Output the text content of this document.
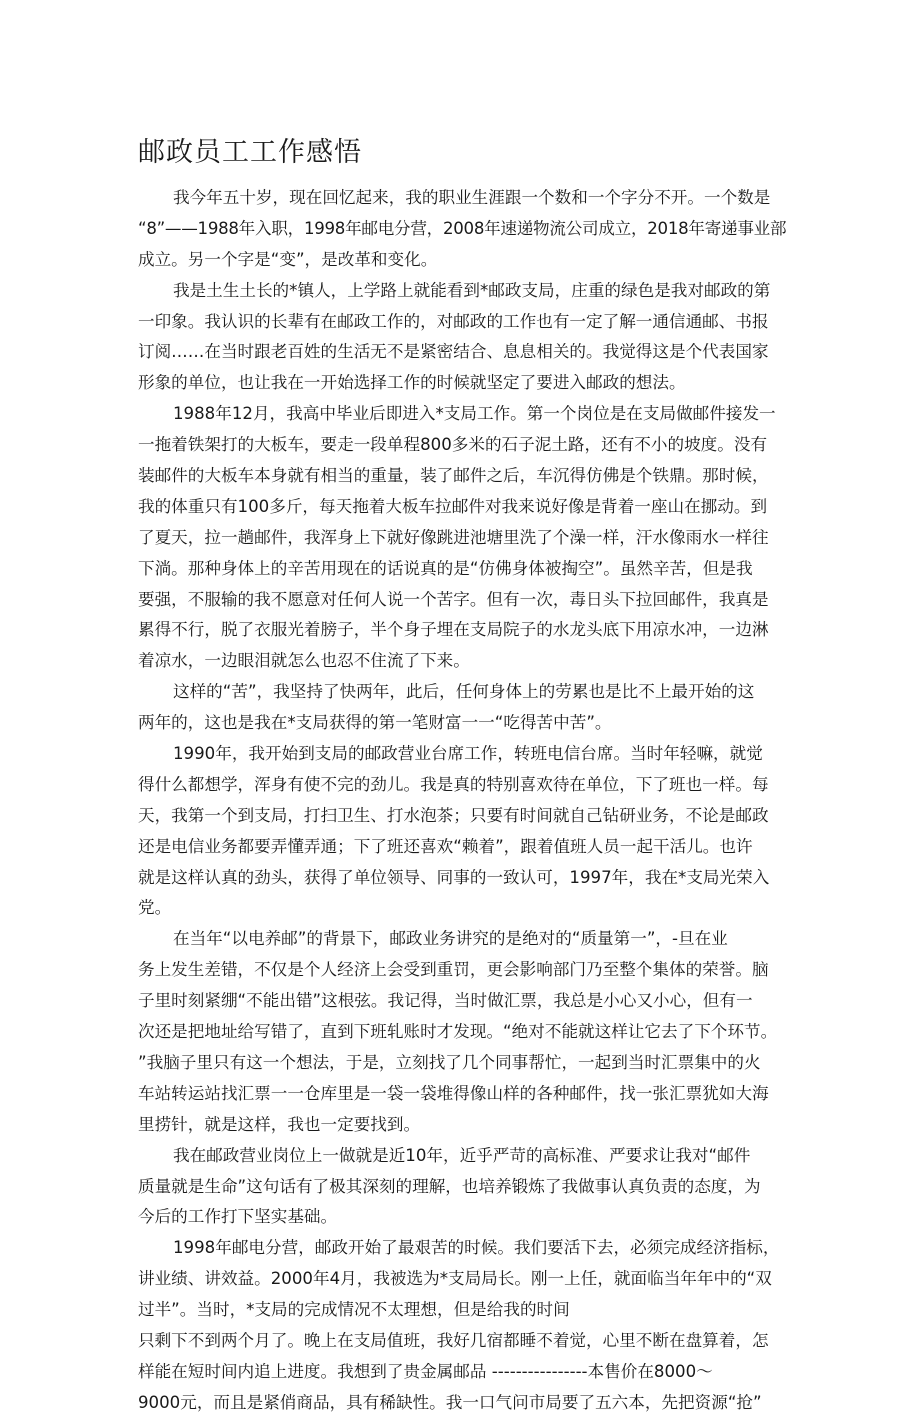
邮政员工工作感悟
我今年五十岁，现在回忆起来，我的职业生涯跟一个数和一个字分不开。一个数是
“8”——1988年入职，1998年邮电分营，2008年速递物流公司成立，2018年寄递事业部
成立。另一个字是“变”，是改革和变化。
我是土生土长的*镇人，上学路上就能看到*邮政支局，庄重的绿色是我对邮政的第
一印象。我认识的长辈有在邮政工作的，对邮政的工作也有一定了解一通信通邮、书报
订阅……在当时跟老百姓的生活无不是紧密结合、息息相关的。我觉得这是个代表国家
形象的单位，也让我在一开始选择工作的时候就坚定了要进入邮政的想法。
1988年12月，我高中毕业后即进入*支局工作。第一个岗位是在支局做邮件接发一
一拖着铁架打的大板车，要走一段单程800多米的石子泥土路，还有不小的坡度。没有
装邮件的大板车本身就有相当的重量，装了邮件之后，车沉得仿佛是个铁鼎。那时候，
我的体重只有100多斤，每天拖着大板车拉邮件对我来说好像是背着一座山在挪动。到
了夏天，拉一趟邮件，我浑身上下就好像跳进池塘里洗了个澡一样，汗水像雨水一样往
下淌。那种身体上的辛苦用现在的话说真的是“仿佛身体被掏空”。虽然辛苦，但是我
要强，不服输的我不愿意对任何人说一个苦字。但有一次，毒日头下拉回邮件，我真是
累得不行，脱了衣服光着膀子，半个身子埋在支局院子的水龙头底下用凉水冲，一边淋
着凉水，一边眼泪就怎么也忍不住流了下来。
这样的“苦”，我坚持了快两年，此后，任何身体上的劳累也是比不上最开始的这
两年的，这也是我在*支局获得的第一笔财富一一“吃得苦中苦”。
1990年，我开始到支局的邮政营业台席工作，转班电信台席。当时年轻嘛，就觉
得什么都想学，浑身有使不完的劲儿。我是真的特别喜欢待在单位，下了班也一样。每
天，我第一个到支局，打扫卫生、打水泡茶；只要有时间就自己钻研业务，不论是邮政
还是电信业务都要弄懂弄通；下了班还喜欢“赖着”，跟着值班人员一起干活儿。也许
就是这样认真的劲头，获得了单位领导、同事的一致认可，1997年，我在*支局光荣入
党。
在当年“以电养邮”的背景下，邮政业务讲究的是绝对的“质量第一”，-旦在业
务上发生差错，不仅是个人经济上会受到重罚，更会影响部门乃至整个集体的荣誉。脑
子里时刻紧绷“不能出错”这根弦。我记得，当时做汇票，我总是小心又小心，但有一
次还是把地址给写错了，直到下班轧账时才发现。“绝对不能就这样让它去了下个环节。
”我脑子里只有这一个想法，于是，立刻找了几个同事帮忙，一起到当时汇票集中的火
车站转运站找汇票一一仓库里是一袋一袋堆得像山样的各种邮件，找一张汇票犹如大海
里捞针，就是这样，我也一定要找到。
我在邮政营业岗位上一做就是近10年，近乎严苛的高标准、严要求让我对“邮件
质量就是生命”这句话有了极其深刻的理解，也培养锻炼了我做事认真负责的态度，为
今后的工作打下坚实基础。
1998年邮电分营，邮政开始了最艰苦的时候。我们要活下去，必须完成经济指标，
讲业绩、讲效益。2000年4月，我被选为*支局局长。刚一上任，就面临当年年中的“双
过半”。当时，*支局的完成情况不太理想，但是给我的时间
只剩下不到两个月了。晚上在支局值班，我好几宿都睡不着觉，心里不断在盘算着，怎
样能在短时间内追上进度。我想到了贵金属邮品 ----------------本售价在8000～
9000元，而且是紧俏商品，具有稀缺性。我一口气问市局要了五六本，先把资源“抢”
